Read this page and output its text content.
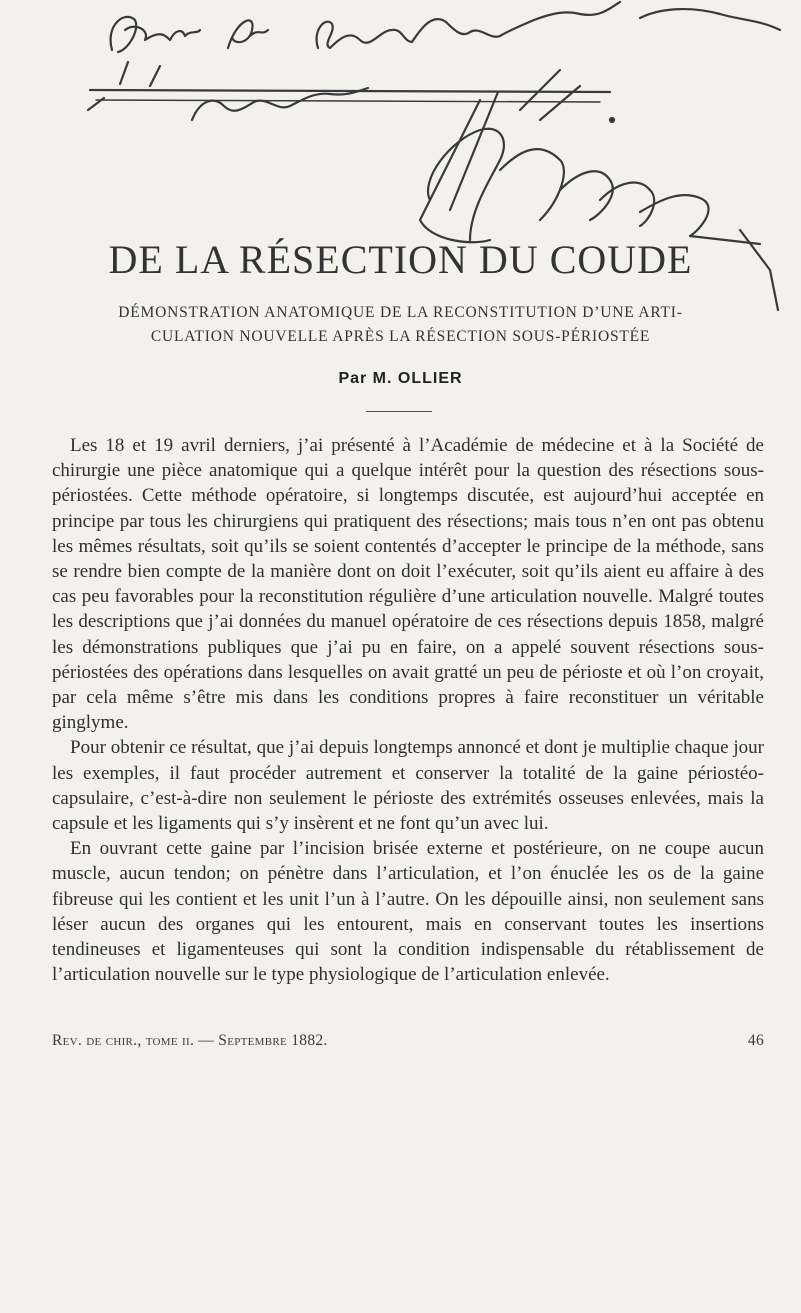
DE LA RÉSECTION DU COUDE
DÉMONSTRATION ANATOMIQUE DE LA RECONSTITUTION D’UNE ARTI-
CULATION NOUVELLE APRÈS LA RÉSECTION SOUS-PÉRIOSTÉE
Par M. OLLIER

Les 18 et 19 avril derniers, j’ai présenté à l’Académie de médecine et à la Société de chirurgie une pièce anatomique qui a quelque intérêt pour la question des résections sous-périostées. Cette méthode opératoire, si longtemps discutée, est aujourd’hui acceptée en principe par tous les chirurgiens qui pratiquent des résections; mais tous n’en ont pas obtenu les mêmes résultats, soit qu’ils se soient contentés d’accepter le principe de la méthode, sans se rendre bien compte de la manière dont on doit l’exécuter, soit qu’ils aient eu affaire à des cas peu favorables pour la reconstitution régulière d’une articulation nouvelle. Malgré toutes les descriptions que j’ai données du manuel opératoire de ces résections depuis 1858, malgré les démonstrations publiques que j’ai pu en faire, on a appelé souvent résections sous-périostées des opérations dans lesquelles on avait gratté un peu de périoste et où l’on croyait, par cela même s’être mis dans les conditions propres à faire reconstituer un véritable ginglyme.

Pour obtenir ce résultat, que j’ai depuis longtemps annoncé et dont je multiplie chaque jour les exemples, il faut procéder autrement et conserver la totalité de la gaine périostéo-capsulaire, c’est-à-dire non seulement le périoste des extrémités osseuses enlevées, mais la capsule et les ligaments qui s’y insèrent et ne font qu’un avec lui.

En ouvrant cette gaine par l’incision brisée externe et postérieure, on ne coupe aucun muscle, aucun tendon; on pénètre dans l’articulation, et l’on énuclée les os de la gaine fibreuse qui les contient et les unit l’un à l’autre. On les dépouille ainsi, non seulement sans léser aucun des organes qui les entourent, mais en conservant toutes les insertions tendineuses et ligamenteuses qui sont la condition indispensable du rétablissement de l’articulation nouvelle sur le type physiologique de l’articulation enlevée.

Rev. de chir., tome ii. — Septembre 1882.	46
